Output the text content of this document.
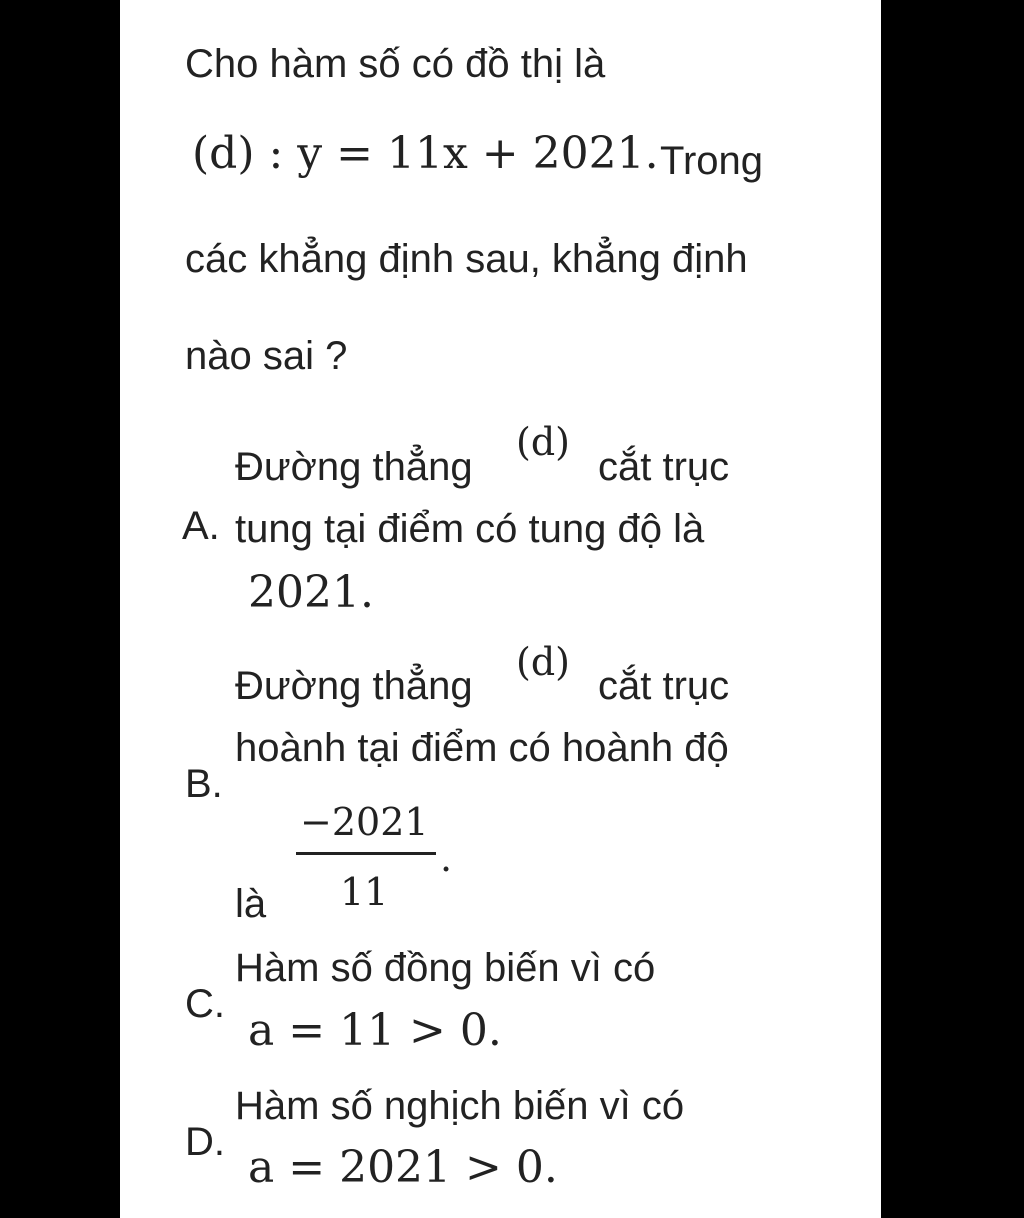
Cho hàm số có đồ thị là
(d) : y = 11x + 2021. Trong
các khẳng định sau, khẳng định
nào sai ?
A.
Đường thẳng
(d)
cắt trục
tung tại điểm có tung độ là
2021.
B.
Đường thẳng
(d)
cắt trục
hoành tại điểm có hoành độ
là
−2021
11
.
C.
Hàm số đồng biến vì có
a = 11 > 0.
D.
Hàm số nghịch biến vì có
a = 2021 > 0.
